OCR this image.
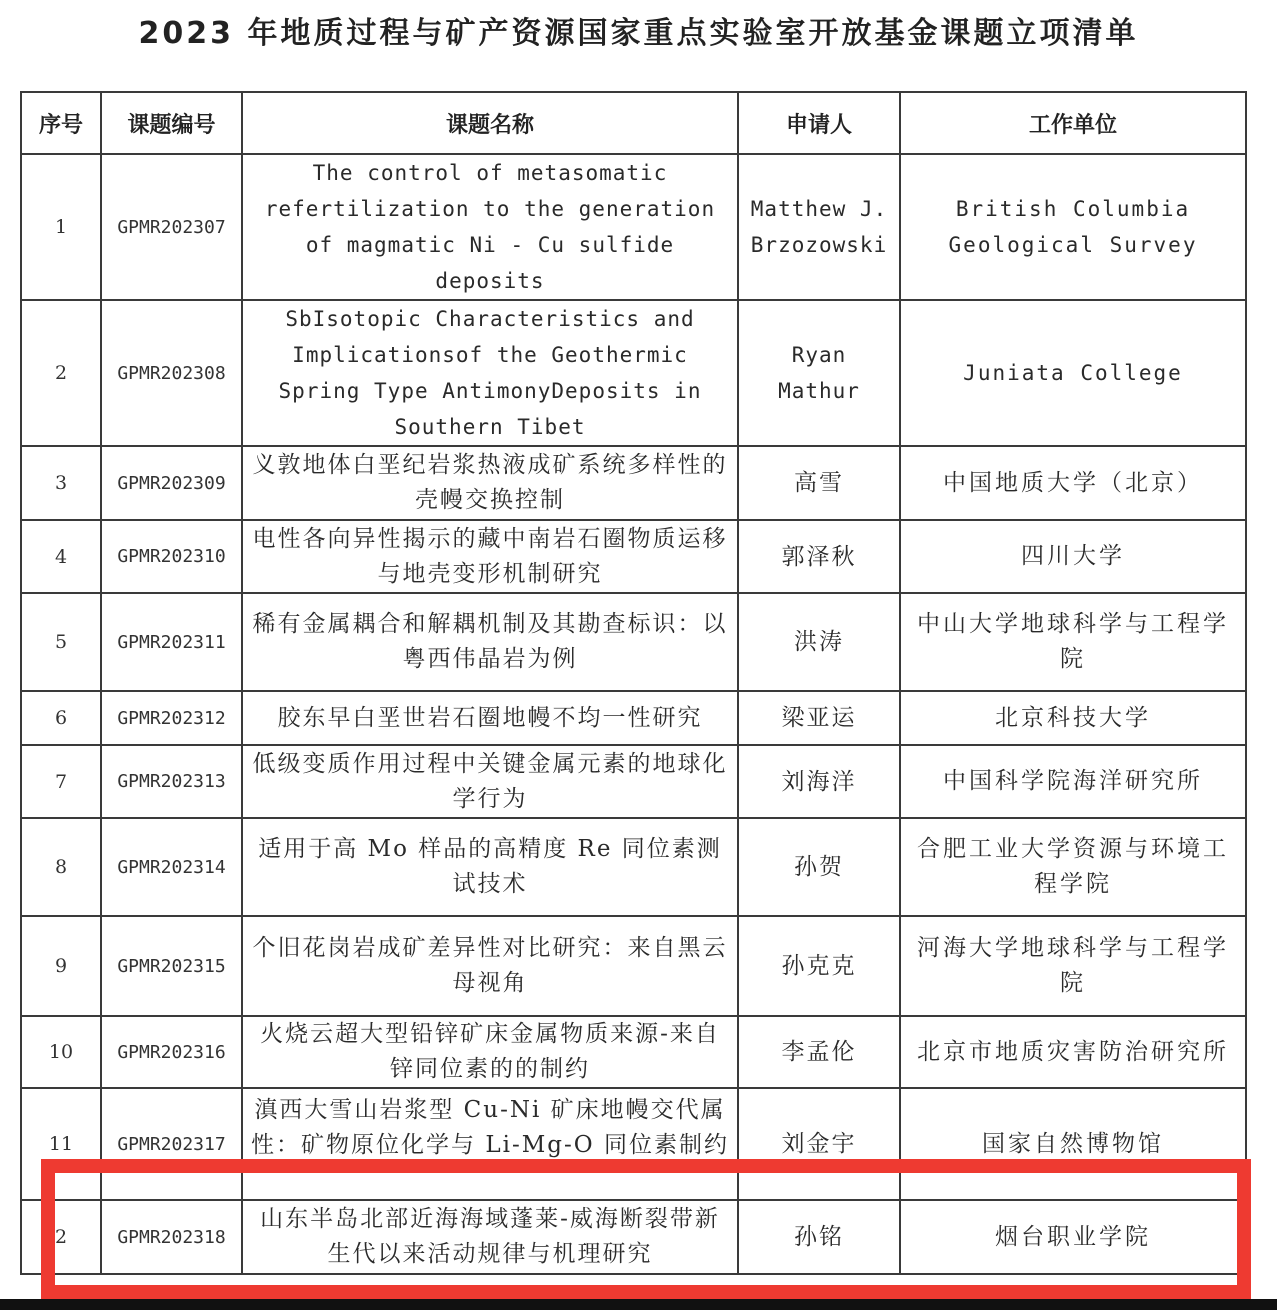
2023 年地质过程与矿产资源国家重点实验室开放基金课题立项清单
序号	课题编号	课题名称	申请人	工作单位
1	GPMR202307	The control of metasomatic refertilization to the generation of magmatic Ni - Cu sulfide deposits	Matthew J. Brzozowski	British Columbia Geological Survey
2	GPMR202308	SbIsotopic Characteristics and Implicationsof the Geothermic Spring Type AntimonyDeposits in Southern Tibet	Ryan Mathur	Juniata College
3	GPMR202309	义敦地体白垩纪岩浆热液成矿系统多样性的壳幔交换控制	高雪	中国地质大学（北京）
4	GPMR202310	电性各向异性揭示的藏中南岩石圈物质运移与地壳变形机制研究	郭泽秋	四川大学
5	GPMR202311	稀有金属耦合和解耦机制及其勘查标识：以粤西伟晶岩为例	洪涛	中山大学地球科学与工程学院
6	GPMR202312	胶东早白垩世岩石圈地幔不均一性研究	梁亚运	北京科技大学
7	GPMR202313	低级变质作用过程中关键金属元素的地球化学行为	刘海洋	中国科学院海洋研究所
8	GPMR202314	适用于高 Mo 样品的高精度 Re 同位素测试技术	孙贺	合肥工业大学资源与环境工程学院
9	GPMR202315	个旧花岗岩成矿差异性对比研究：来自黑云母视角	孙克克	河海大学地球科学与工程学院
10	GPMR202316	火烧云超大型铅锌矿床金属物质来源-来自锌同位素的的制约	李孟伦	北京市地质灾害防治研究所
11	GPMR202317	滇西大雪山岩浆型 Cu-Ni 矿床地幔交代属性：矿物原位化学与 Li-Mg-O 同位素制约	刘金宇	国家自然博物馆
2	GPMR202318	山东半岛北部近海海域蓬莱-威海断裂带新生代以来活动规律与机理研究	孙铭	烟台职业学院
